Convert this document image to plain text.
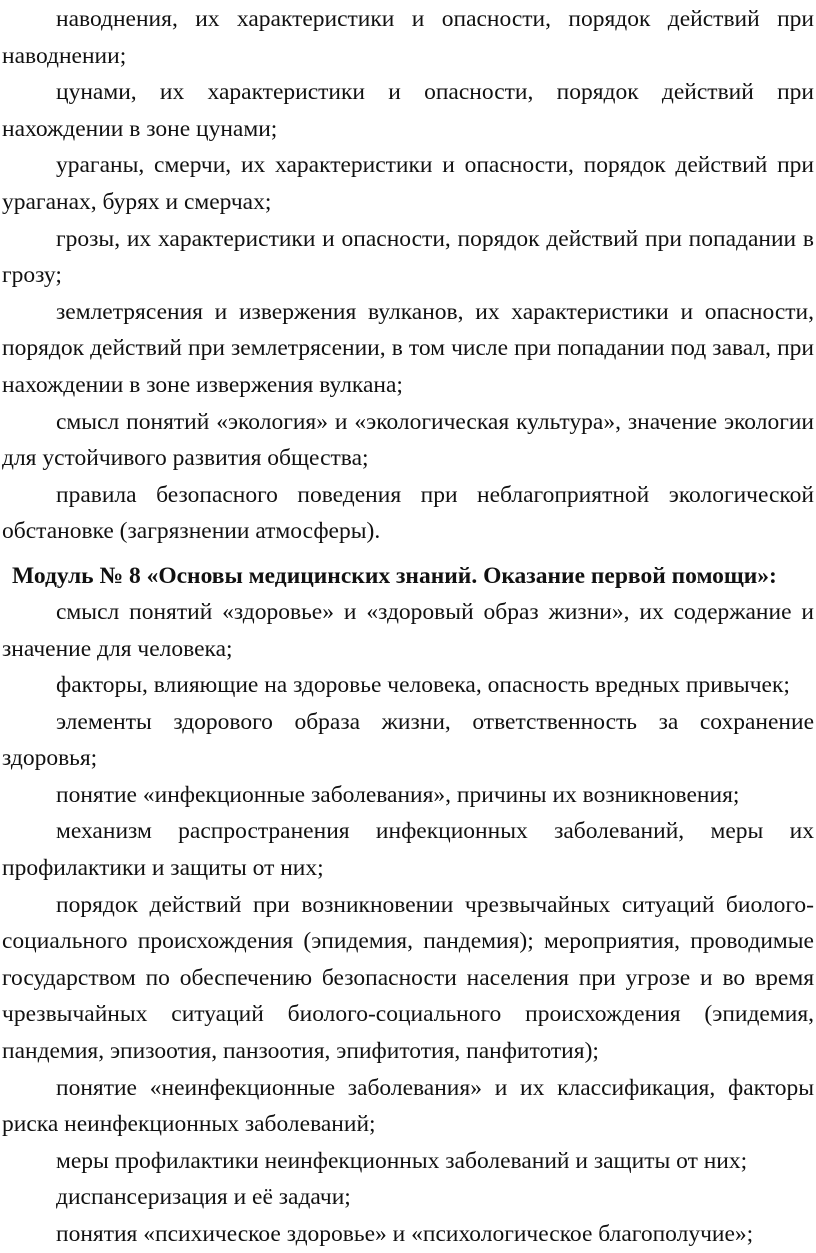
наводнения, их характеристики и опасности, порядок действий при наводнении;

цунами, их характеристики и опасности, порядок действий при нахождении в зоне цунами;

ураганы, смерчи, их характеристики и опасности, порядок действий при ураганах, бурях и смерчах;

грозы, их характеристики и опасности, порядок действий при попадании в грозу;

землетрясения и извержения вулканов, их характеристики и опасности, порядок действий при землетрясении, в том числе при попадании под завал, при нахождении в зоне извержения вулкана;

смысл понятий «экология» и «экологическая культура», значение экологии для устойчивого развития общества;

правила безопасного поведения при неблагоприятной экологической обстановке (загрязнении атмосферы).

Модуль № 8 «Основы медицинских знаний. Оказание первой помощи»:

смысл понятий «здоровье» и «здоровый образ жизни», их содержание и значение для человека;

факторы, влияющие на здоровье человека, опасность вредных привычек;

элементы здорового образа жизни, ответственность за сохранение здоровья;

понятие «инфекционные заболевания», причины их возникновения;

механизм распространения инфекционных заболеваний, меры их профилактики и защиты от них;

порядок действий при возникновении чрезвычайных ситуаций биолого-социального происхождения (эпидемия, пандемия); мероприятия, проводимые государством по обеспечению безопасности населения при угрозе и во время чрезвычайных ситуаций биолого-социального происхождения (эпидемия, пандемия, эпизоотия, панзоотия, эпифитотия, панфитотия);

понятие «неинфекционные заболевания» и их классификация, факторы риска неинфекционных заболеваний;

меры профилактики неинфекционных заболеваний и защиты от них;

диспансеризация и её задачи;

понятия «психическое здоровье» и «психологическое благополучие»;
